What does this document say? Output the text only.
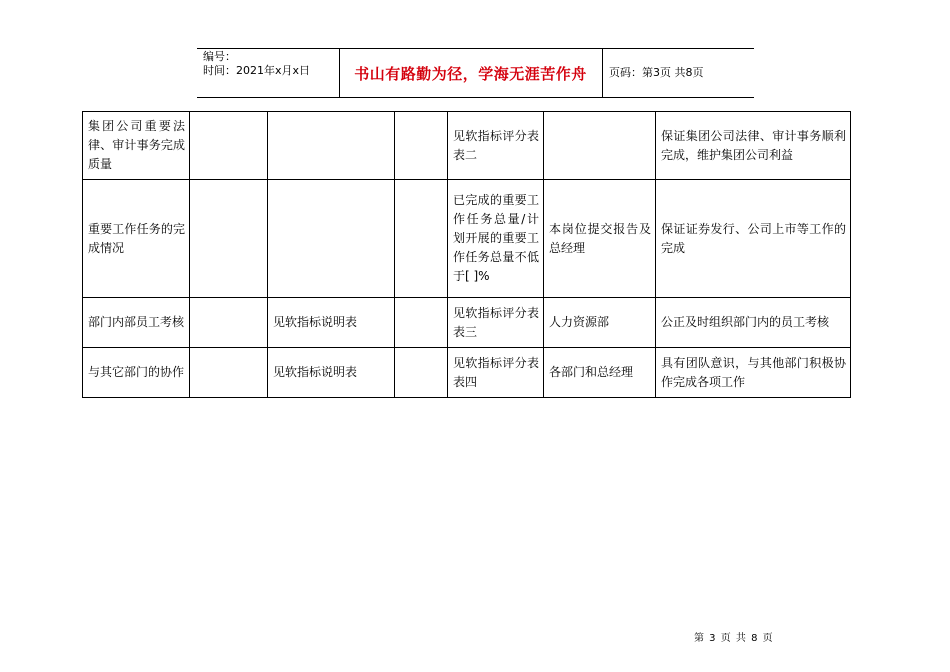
编号：
时间：2021年x月x日	书山有路勤为径，学海无涯苦作舟	页码：第3页 共8页
集团公司重要法律、审计事务完成质量				见软指标评分表表二		保证集团公司法律、审计事务顺利完成，维护集团公司利益
重要工作任务的完成情况				已完成的重要工作任务总量/计划开展的重要工作任务总量不低于[ ]%	本岗位提交报告及总经理	保证证券发行、公司上市等工作的完成
部门内部员工考核		见软指标说明表		见软指标评分表表三	人力资源部	公正及时组织部门内的员工考核
与其它部门的协作		见软指标说明表		见软指标评分表表四	各部门和总经理	具有团队意识，与其他部门积极协作完成各项工作
第 3 页 共 8 页
